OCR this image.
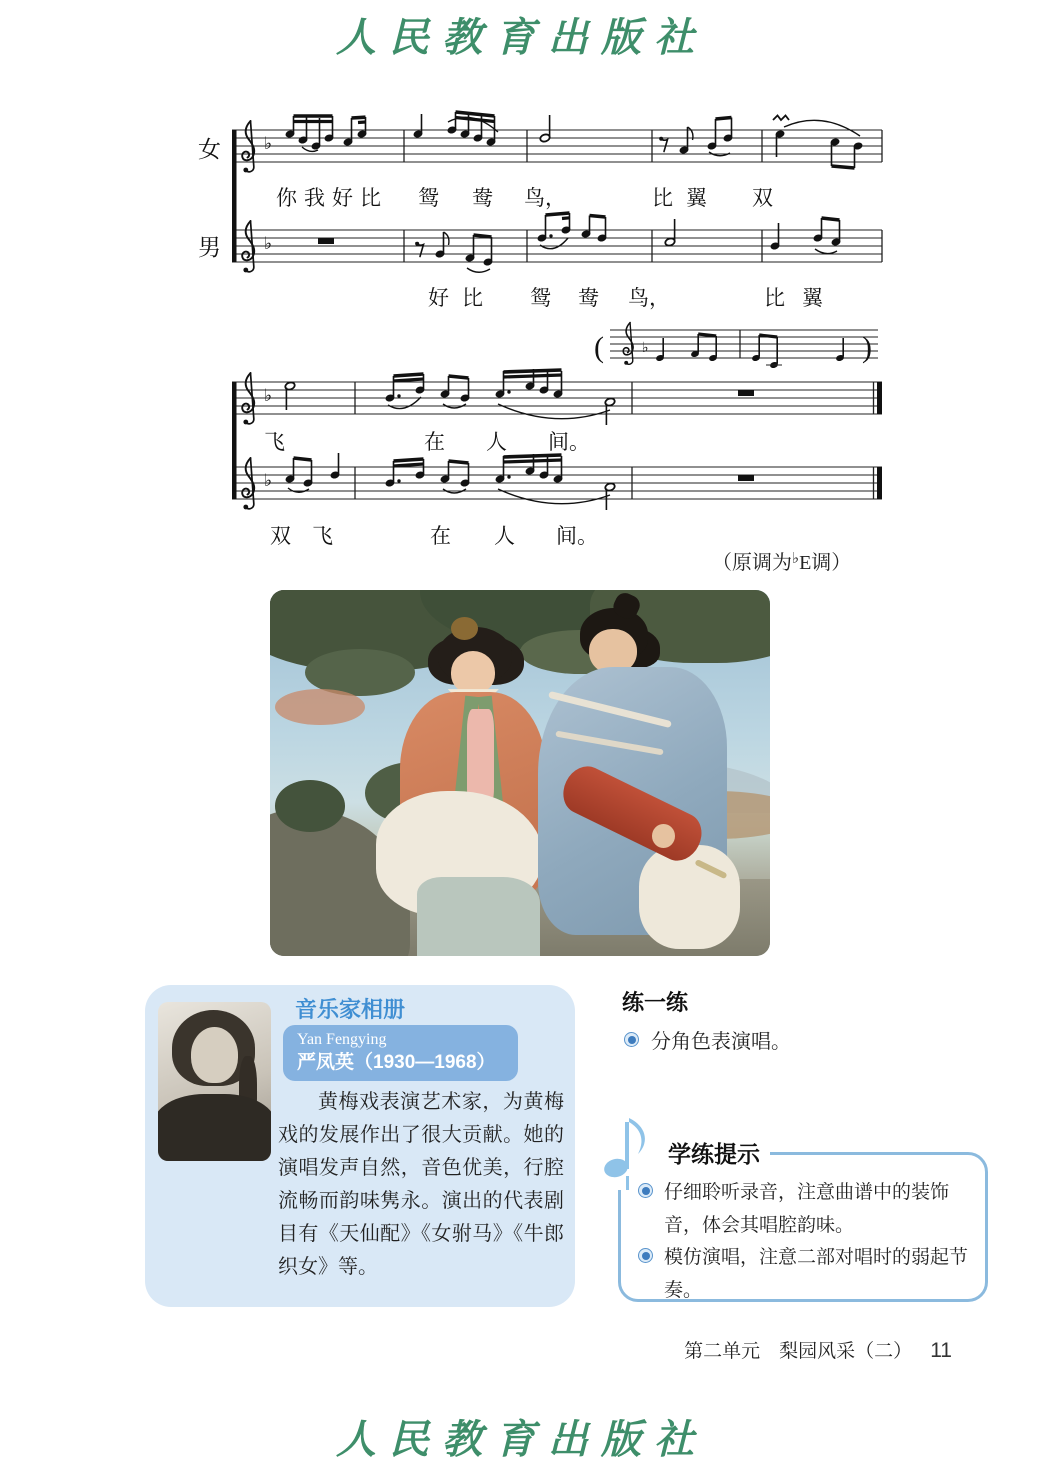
人民教育出版社
女
男
♭
♭
♭
♭
♭
(	)
你 我 好 比 鸳 鸯 鸟，	比 翼 双
好 比 鸳 鸯 鸟，	比 翼
飞	在 人 间。
双 飞	在 人 间。
（原调为♭E调）
音乐家相册
Yan Fengying
严凤英（1930—1968）
黄梅戏表演艺术家，为黄梅戏的发展作出了很大贡献。她的演唱发声自然，音色优美，行腔流畅而韵味隽永。演出的代表剧目有《天仙配》《女驸马》《牛郎织女》等。
练一练
分角色表演唱。
学练提示
仔细聆听录音，注意曲谱中的装饰音，体会其唱腔韵味。
模仿演唱，注意二部对唱时的弱起节奏。
第二单元　梨园风采（二） 11
人民教育出版社
